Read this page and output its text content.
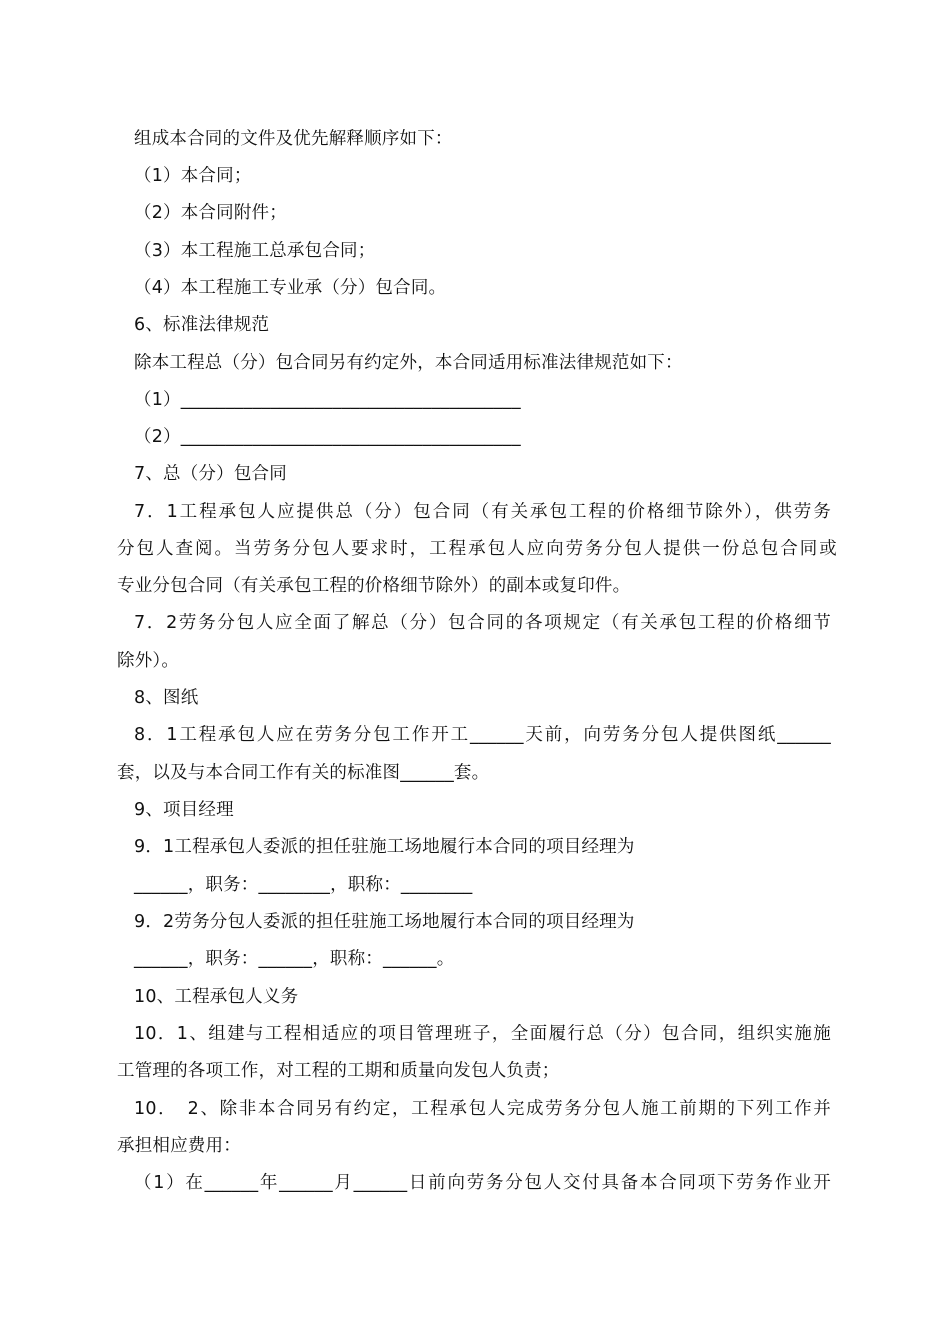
组成本合同的文件及优先解释顺序如下：
（1）本合同；
（2）本合同附件；
（3）本工程施工总承包合同；
（4）本工程施工专业承（分）包合同。
6、标准法律规范
除本工程总（分）包合同另有约定外，本合同适用标准法律规范如下：
（1）______________________________________
（2）______________________________________
7、总（分）包合同
7．1工程承包人应提供总（分）包合同（有关承包工程的价格细节除外），供劳务
分包人查阅。当劳务分包人要求时，工程承包人应向劳务分包人提供一份总包合同或
专业分包合同（有关承包工程的价格细节除外）的副本或复印件。
7．2劳务分包人应全面了解总（分）包合同的各项规定（有关承包工程的价格细节
除外）。
8、图纸
8．1工程承包人应在劳务分包工作开工______天前，向劳务分包人提供图纸______
套，以及与本合同工作有关的标准图______套。
9、项目经理
9．1工程承包人委派的担任驻施工场地履行本合同的项目经理为
______，职务：________，职称：________
9．2劳务分包人委派的担任驻施工场地履行本合同的项目经理为
______，职务：______，职称：______。
10、工程承包人义务
10．1、组建与工程相适应的项目管理班子，全面履行总（分）包合同，组织实施施
工管理的各项工作，对工程的工期和质量向发包人负责；
10．　2、除非本合同另有约定，工程承包人完成劳务分包人施工前期的下列工作并
承担相应费用：
（1）在______年______月______日前向劳务分包人交付具备本合同项下劳务作业开
